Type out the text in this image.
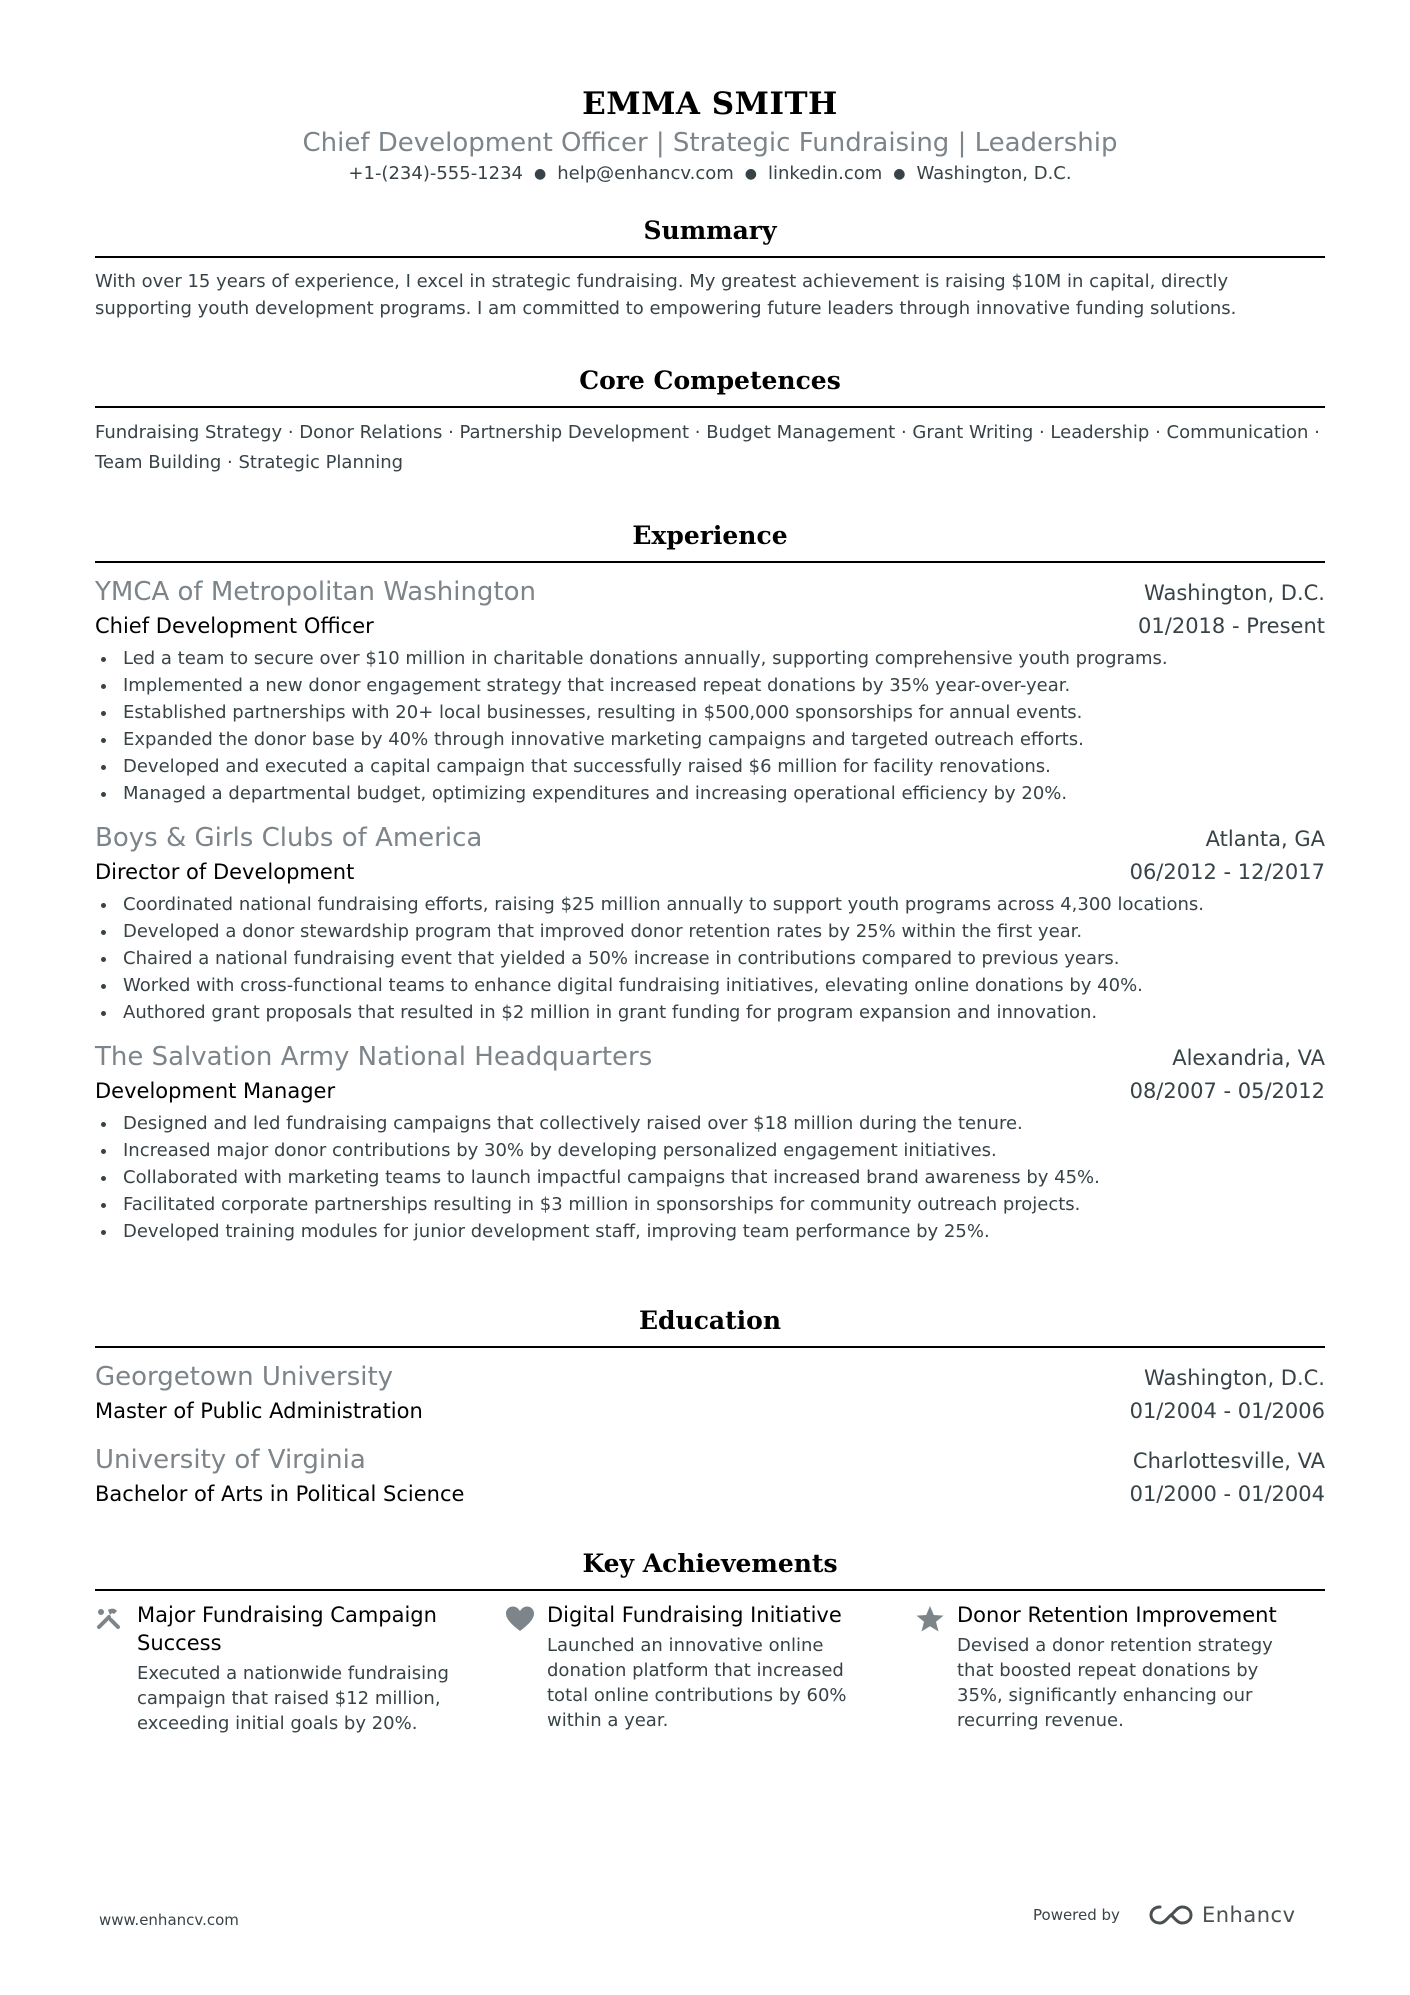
EMMA SMITH
Chief Development Officer | Strategic Fundraising | Leadership
+1-(234)-555-1234 ● help@enhancv.com ● linkedin.com ● Washington, D.C.
Summary
With over 15 years of experience, I excel in strategic fundraising. My greatest achievement is raising $10M in capital, directly supporting youth development programs. I am committed to empowering future leaders through innovative funding solutions.
Core Competences
Fundraising Strategy · Donor Relations · Partnership Development · Budget Management · Grant Writing · Leadership · Communication · Team Building · Strategic Planning
Experience
YMCA of Metropolitan Washington	Washington, D.C.
Chief Development Officer	01/2018 - Present
Led a team to secure over $10 million in charitable donations annually, supporting comprehensive youth programs.
Implemented a new donor engagement strategy that increased repeat donations by 35% year-over-year.
Established partnerships with 20+ local businesses, resulting in $500,000 sponsorships for annual events.
Expanded the donor base by 40% through innovative marketing campaigns and targeted outreach efforts.
Developed and executed a capital campaign that successfully raised $6 million for facility renovations.
Managed a departmental budget, optimizing expenditures and increasing operational efficiency by 20%.
Boys & Girls Clubs of America	Atlanta, GA
Director of Development	06/2012 - 12/2017
Coordinated national fundraising efforts, raising $25 million annually to support youth programs across 4,300 locations.
Developed a donor stewardship program that improved donor retention rates by 25% within the first year.
Chaired a national fundraising event that yielded a 50% increase in contributions compared to previous years.
Worked with cross-functional teams to enhance digital fundraising initiatives, elevating online donations by 40%.
Authored grant proposals that resulted in $2 million in grant funding for program expansion and innovation.
The Salvation Army National Headquarters	Alexandria, VA
Development Manager	08/2007 - 05/2012
Designed and led fundraising campaigns that collectively raised over $18 million during the tenure.
Increased major donor contributions by 30% by developing personalized engagement initiatives.
Collaborated with marketing teams to launch impactful campaigns that increased brand awareness by 45%.
Facilitated corporate partnerships resulting in $3 million in sponsorships for community outreach projects.
Developed training modules for junior development staff, improving team performance by 25%.
Education
Georgetown University	Washington, D.C.
Master of Public Administration	01/2004 - 01/2006
University of Virginia	Charlottesville, VA
Bachelor of Arts in Political Science	01/2000 - 01/2004
Key Achievements
Major Fundraising Campaign Success
Executed a nationwide fundraising campaign that raised $12 million, exceeding initial goals by 20%.
Digital Fundraising Initiative
Launched an innovative online donation platform that increased total online contributions by 60% within a year.
Donor Retention Improvement
Devised a donor retention strategy that boosted repeat donations by 35%, significantly enhancing our recurring revenue.
www.enhancv.com	Powered by	Enhancv
